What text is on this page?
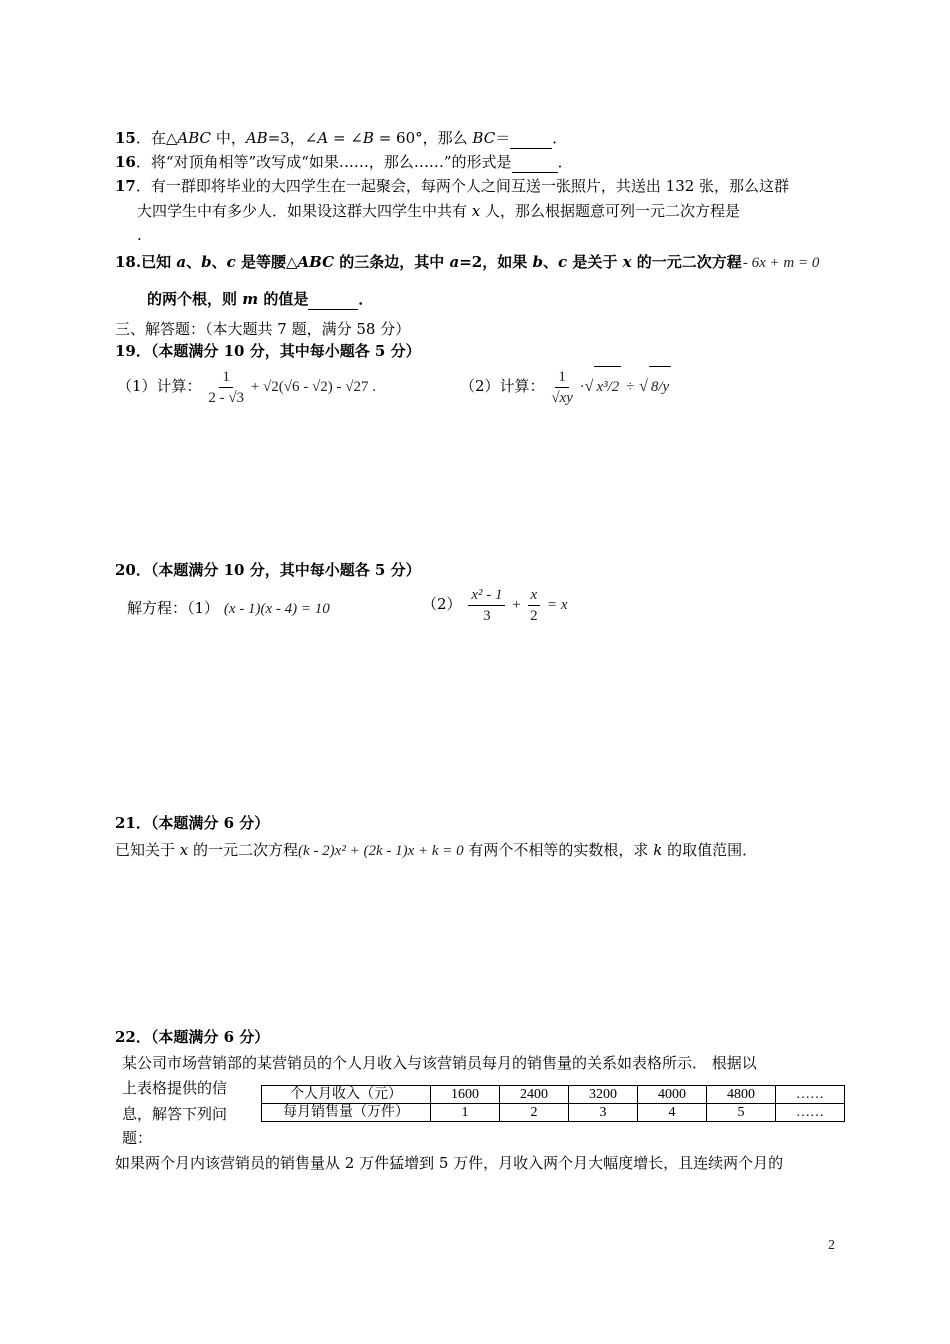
15．在△ABC 中，AB=3，∠A = ∠B = 60°，那么 BC＝	．
16．将“对顶角相等”改写成“如果……，那么……”的形式是	．
17．有一群即将毕业的大四学生在一起聚会，每两个人之间互送一张照片，共送出 132 张，那么这群
大四学生中有多少人．如果设这群大四学生中共有 x 人，那么根据题意可列一元二次方程是
.
18.已知 a、b、c 是等腰△ABC 的三条边，其中 a=2，如果 b、c 是关于 x 的一元二次方程
x² - 6x + m = 0
的两个根，则 m 的值是	．
三、解答题：（本大题共 7 题，满分 58 分）
19．（本题满分 10 分，其中每小题各 5 分）
（1）计算： $\frac{1}{2 - √3} + √2(√6 - √2) - √27$ .	（2）计算： $\frac{1}{√xy}$ ·√ x³/2 ÷ √ 8/y
20．（本题满分 10 分，其中每小题各 5 分）
解方程：（1） (x - 1)(x - 4) = 10	$(2) \frac{\text{x² - 1}}{3} + \frac{x}{2} = x$
21．（本题满分 6 分）
已知关于 x 的一元二次方程(k - 2)x² + (2k - 1)x + k = 0 有两个不相等的实数根，求 k 的取值范围．
22．（本题满分 6 分）
某公司市场营销部的某营销员的个人月收入与该营销员每月的销售量的关系如表格所示． 根据以
上表格提供的信
息，解答下列问
题：
如果两个月内该营销员的销售量从 2 万件猛增到 5 万件，月收入两个月大幅度增长，且连续两个月的
个人月收入（元）	1600	2400	3200	4000	4800	……
每月销售量（万件）	1	2	3	4	5	……
2
